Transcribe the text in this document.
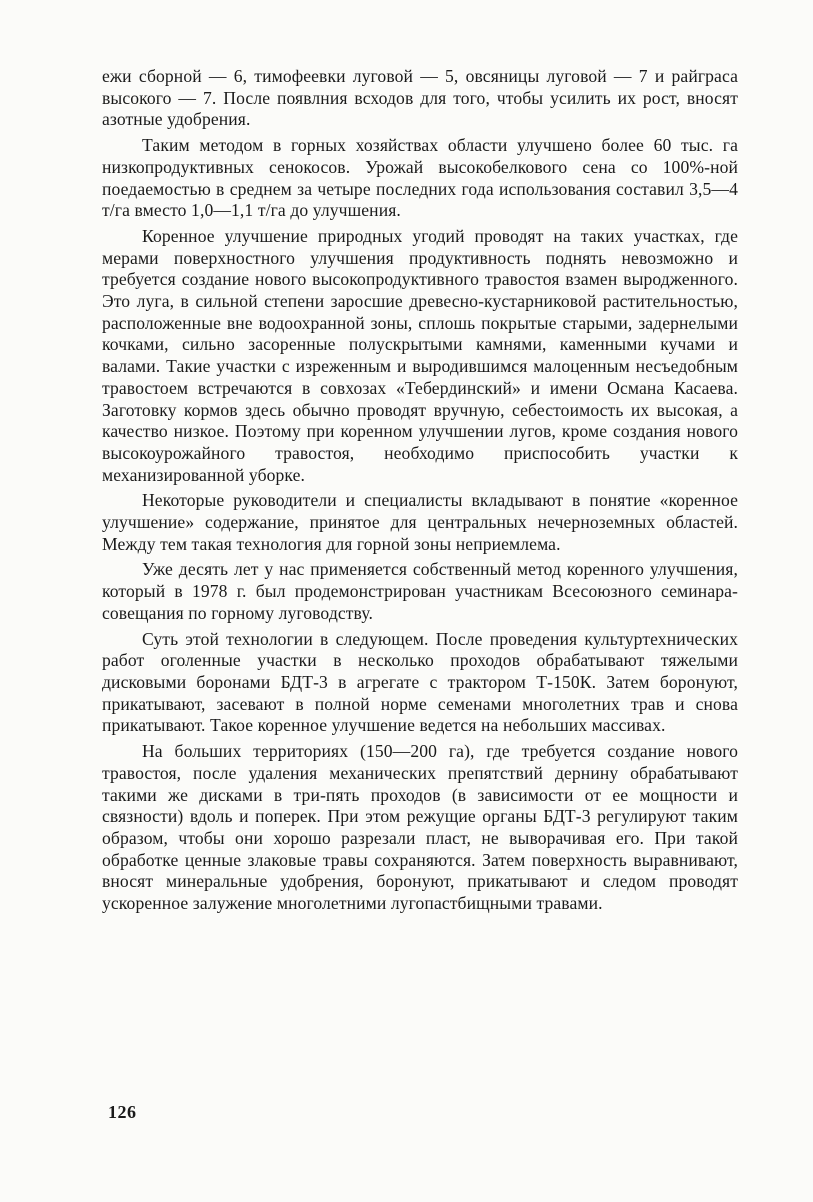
ежи сборной — 6, тимофеевки луговой — 5, овсяницы луговой — 7 и райграса высокого — 7. После появлния всходов для того, чтобы усилить их рост, вносят азотные удобрения.

Таким методом в горных хозяйствах области улучшено более 60 тыс. га низкопродуктивных сенокосов. Урожай высокобелкового сена со 100%-ной поедаемостью в среднем за четыре последних года использования составил 3,5—4 т/га вместо 1,0—1,1 т/га до улучшения.

Коренное улучшение природных угодий проводят на таких участках, где мерами поверхностного улучшения продуктивность поднять невозможно и требуется создание нового высокопродуктивного травостоя взамен выродженного. Это луга, в сильной степени заросшие древесно-кустарниковой растительностью, расположенные вне водоохранной зоны, сплошь покрытые старыми, задернелыми кочками, сильно засоренные полускрытыми камнями, каменными кучами и валами. Такие участки с изреженным и выродившимся малоценным несъедобным травостоем встречаются в совхозах «Тебердинский» и имени Османа Касаева. Заготовку кормов здесь обычно проводят вручную, себестоимость их высокая, а качество низкое. Поэтому при коренном улучшении лугов, кроме создания нового высокоурожайного травостоя, необходимо приспособить участки к механизированной уборке.

Некоторые руководители и специалисты вкладывают в понятие «коренное улучшение» содержание, принятое для центральных нечерноземных областей. Между тем такая технология для горной зоны неприемлема.

Уже десять лет у нас применяется собственный метод коренного улучшения, который в 1978 г. был продемонстрирован участникам Всесоюзного семинара-совещания по горному луговодству.

Суть этой технологии в следующем. После проведения культуртехнических работ оголенные участки в несколько проходов обрабатывают тяжелыми дисковыми боронами БДТ-3 в агрегате с трактором Т-150К. Затем боронуют, прикатывают, засевают в полной норме семенами многолетних трав и снова прикатывают. Такое коренное улучшение ведется на небольших массивах.

На больших территориях (150—200 га), где требуется создание нового травостоя, после удаления механических препятствий дернину обрабатывают такими же дисками в три-пять проходов (в зависимости от ее мощности и связности) вдоль и поперек. При этом режущие органы БДТ-3 регулируют таким образом, чтобы они хорошо разрезали пласт, не выворачивая его. При такой обработке ценные злаковые травы сохраняются. Затем поверхность выравнивают, вносят минеральные удобрения, боронуют, прикатывают и следом проводят ускоренное залужение многолетними лугопастбищными травами.

126
